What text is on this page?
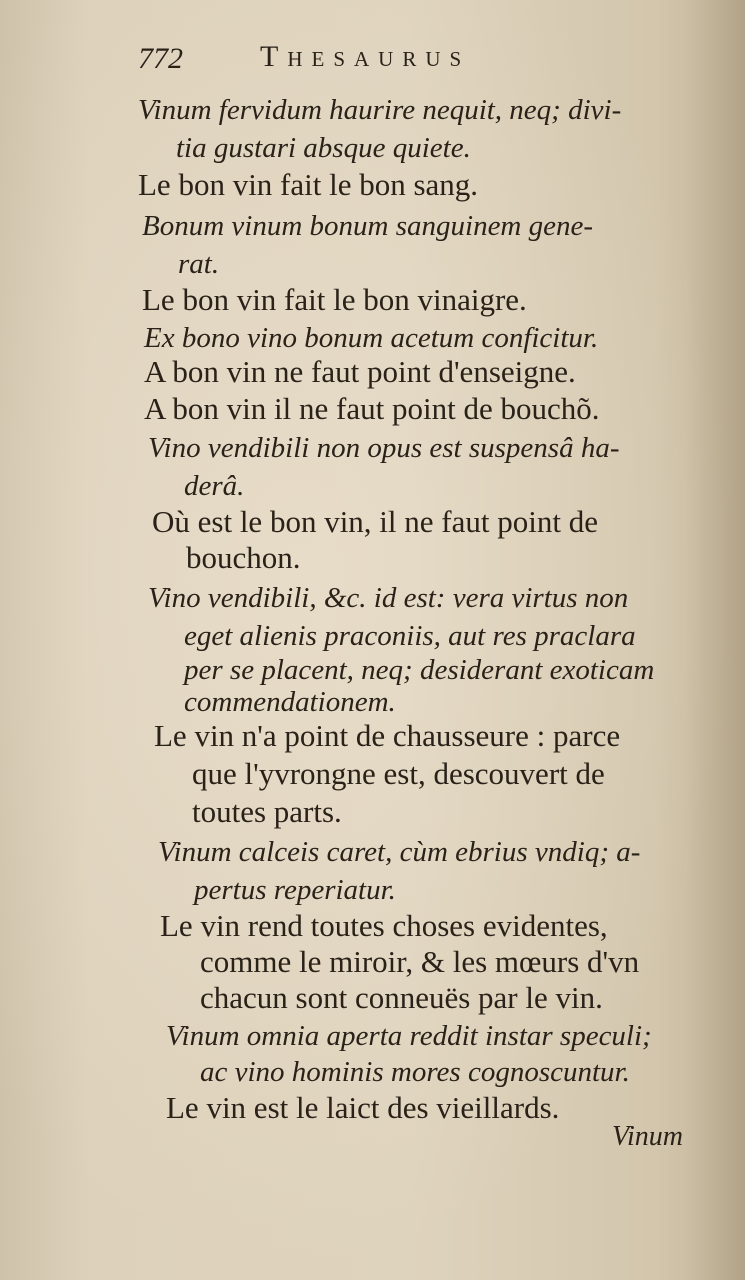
772	Thesaurus
Vinum fervidum haurire nequit, neq; divi-
tia gustari absque quiete.
Le bon vin fait le bon sang.
Bonum vinum bonum sanguinem gene-
rat.
Le bon vin fait le bon vinaigre.
Ex bono vino bonum acetum conficitur.
A bon vin ne faut point d'enseigne.
A bon vin il ne faut point de bouchõ.
Vino vendibili non opus est suspensâ ha-
derâ.
Où est le bon vin, il ne faut point de
bouchon.
Vino vendibili, &c. id est: vera virtus non
eget alienis praconiis, aut res praclara
per se placent, neq; desiderant exoticam
commendationem.
Le vin n'a point de chausseure : parce
que l'yvrongne est, descouvert de
toutes parts.
Vinum calceis caret, cùm ebrius vndiq; a-
pertus reperiatur.
Le vin rend toutes choses evidentes,
comme le miroir, & les mœurs d'vn
chacun sont conneuës par le vin.
Vinum omnia aperta reddit instar speculi;
ac vino hominis mores cognoscuntur.
Le vin est le laict des vieillards.
Vinum
